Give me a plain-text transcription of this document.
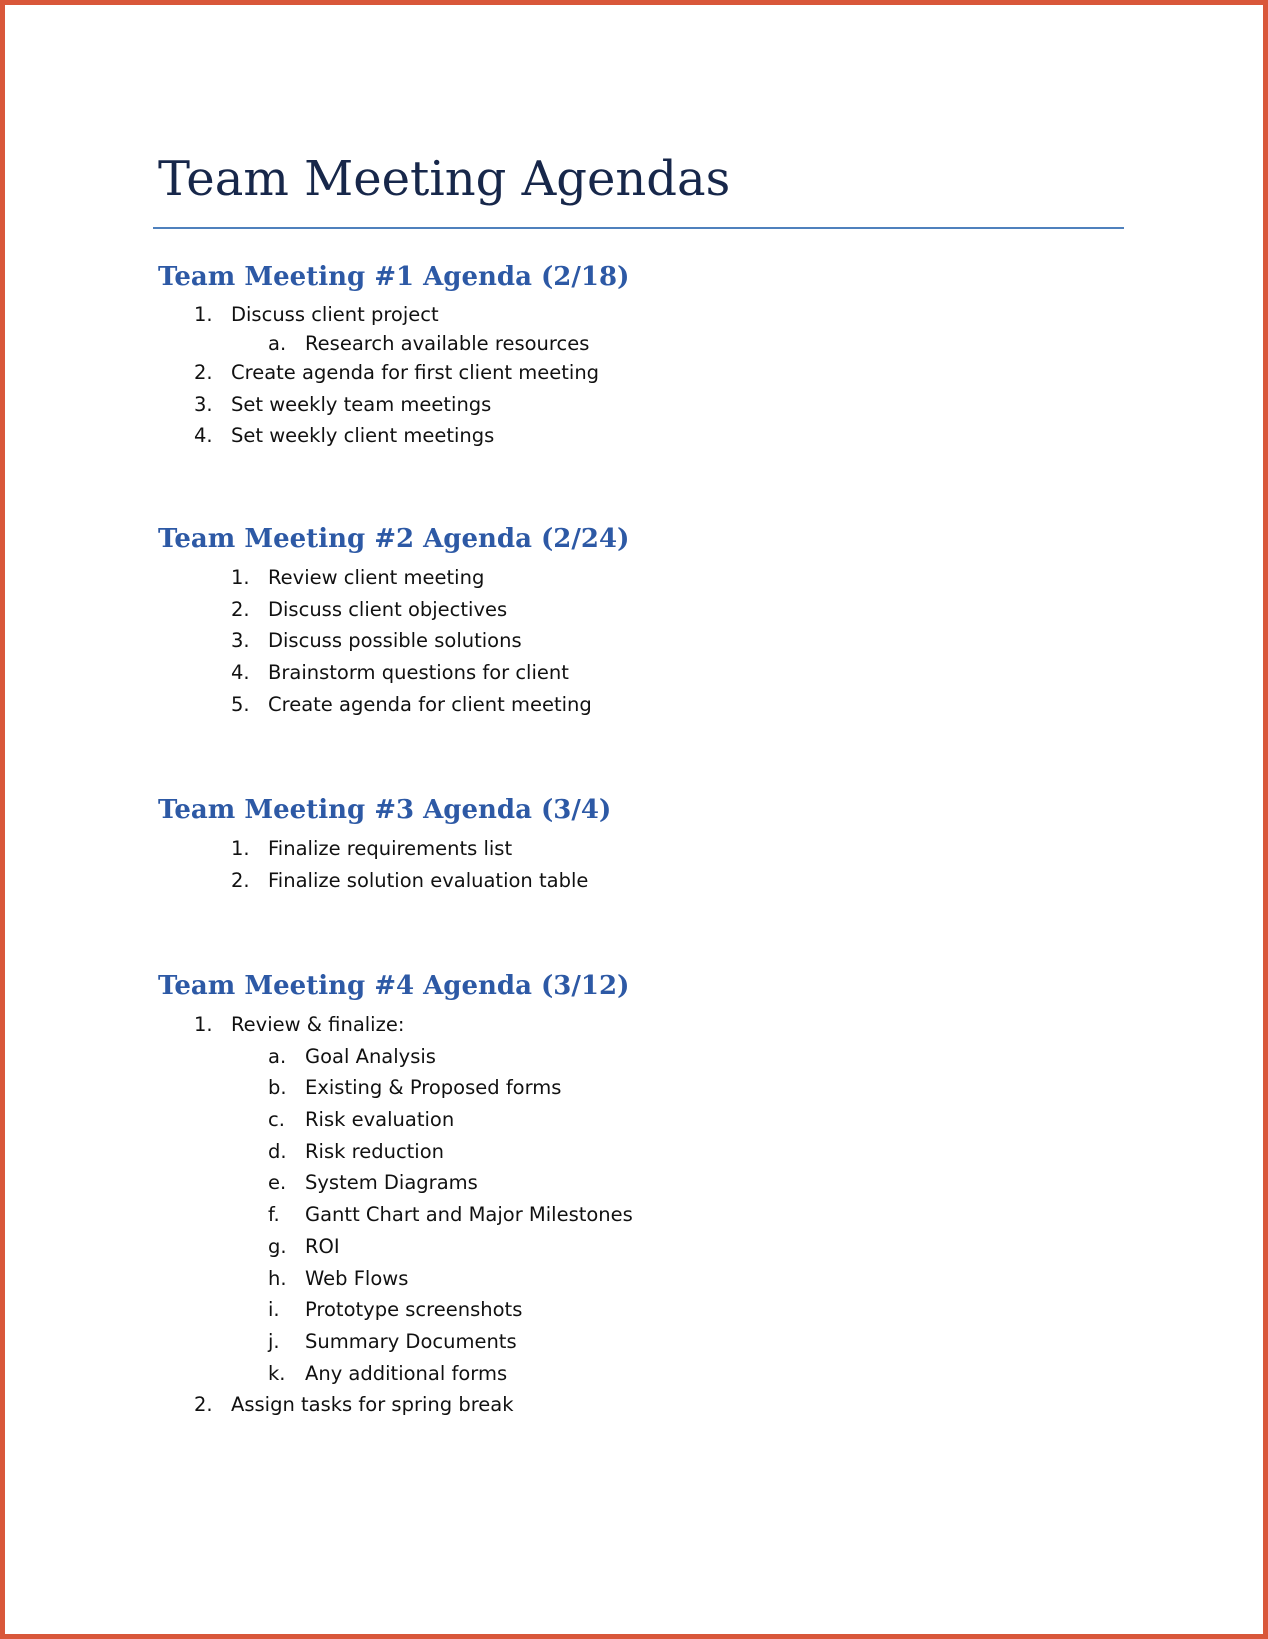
Team Meeting Agendas
Team Meeting #1 Agenda (2/18)
1. Discuss client project
a. Research available resources
2. Create agenda for first client meeting
3. Set weekly team meetings
4. Set weekly client meetings
Team Meeting #2 Agenda (2/24)
1. Review client meeting
2. Discuss client objectives
3. Discuss possible solutions
4. Brainstorm questions for client
5. Create agenda for client meeting
Team Meeting #3 Agenda (3/4)
1. Finalize requirements list
2. Finalize solution evaluation table
Team Meeting #4 Agenda (3/12)
1. Review & finalize:
a. Goal Analysis
b. Existing & Proposed forms
c. Risk evaluation
d. Risk reduction
e. System Diagrams
f. Gantt Chart and Major Milestones
g. ROI
h. Web Flows
i. Prototype screenshots
j. Summary Documents
k. Any additional forms
2. Assign tasks for spring break
